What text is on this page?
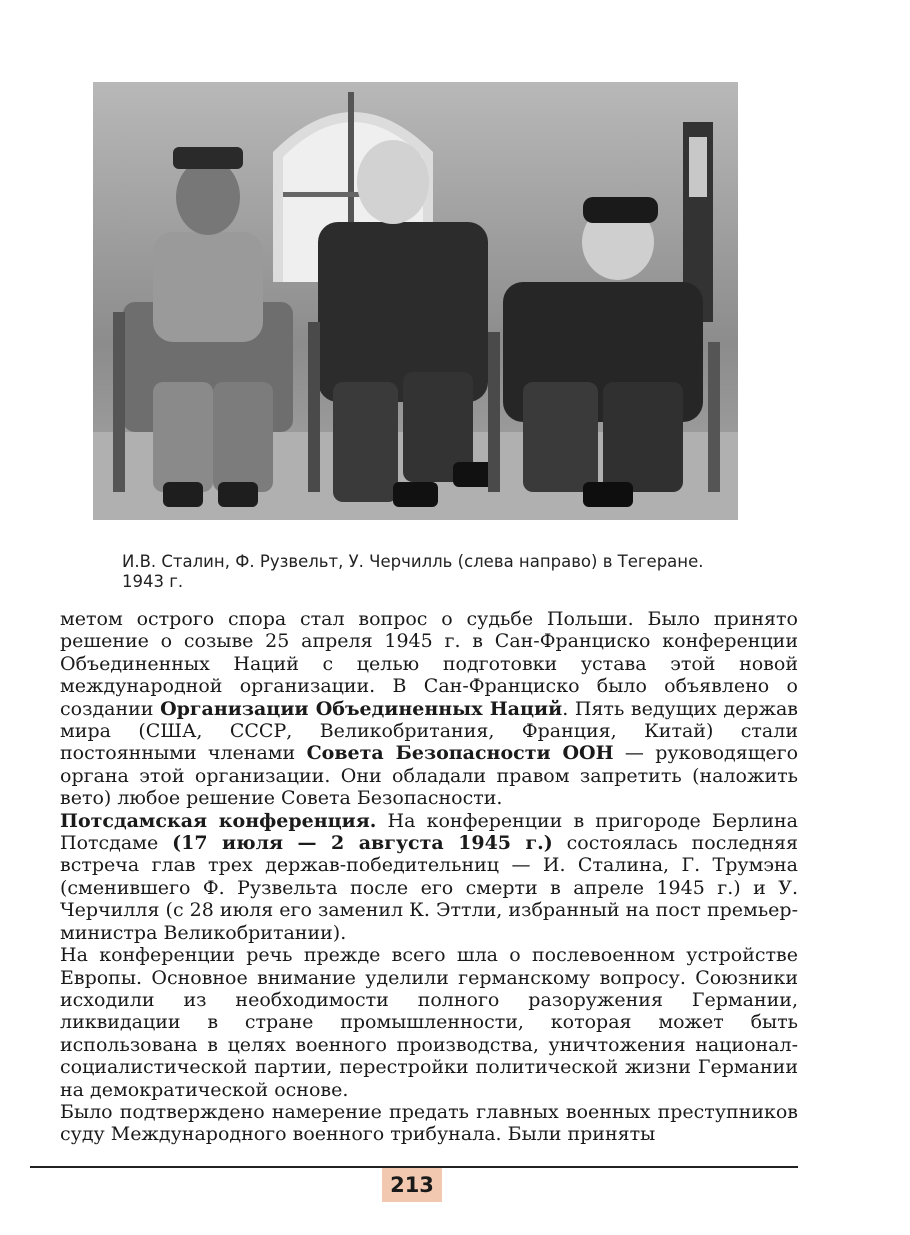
И.В. Сталин, Ф. Рузвельт, У. Черчилль (слева направо) в Тегеране. 1943 г.

метом острого спора стал вопрос о судьбе Польши. Было принято решение о созыве 25 апреля 1945 г. в Сан-Франциско конференции Объединенных Наций с целью подготовки устава этой новой международной организации. В Сан-Франциско было объявлено о создании Организации Объединенных Наций. Пять ведущих держав мира (США, СССР, Великобритания, Франция, Китай) стали постоянными членами Совета Безопасности ООН — руководящего органа этой организации. Они обладали правом запретить (наложить вето) любое решение Совета Безопасности.

Потсдамская конференция. На конференции в пригороде Берлина Потсдаме (17 июля — 2 августа 1945 г.) состоялась последняя встреча глав трех держав-победительниц — И. Сталина, Г. Трумэна (сменившего Ф. Рузвельта после его смерти в апреле 1945 г.) и У. Черчилля (с 28 июля его заменил К. Эттли, избранный на пост премьер-министра Великобритании).

На конференции речь прежде всего шла о послевоенном устройстве Европы. Основное внимание уделили германскому вопросу. Союзники исходили из необходимости полного разоружения Германии, ликвидации в стране промышленности, которая может быть использована в целях военного производства, уничтожения национал-социалистической партии, перестройки политической жизни Германии на демократической основе.

Было подтверждено намерение предать главных военных преступников суду Международного военного трибунала. Были приняты

213
